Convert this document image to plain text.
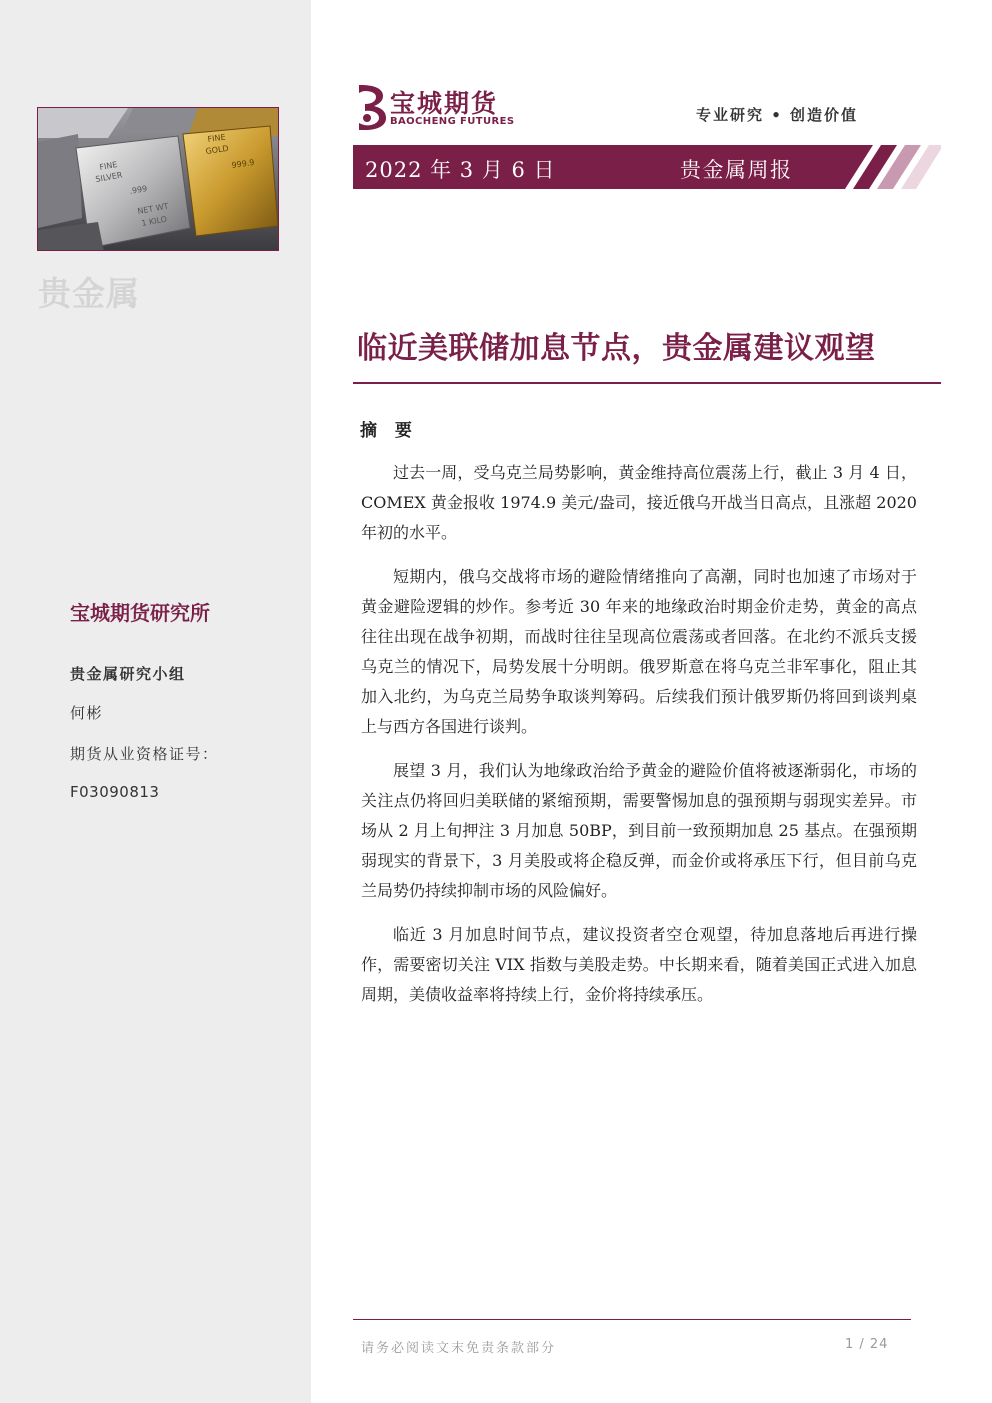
FINE
SILVER
.999
NET WT
1 KILO
FINE
GOLD
999.9
贵金属
宝城期货研究所
贵金属研究小组
何彬
期货从业资格证号：
F03090813
宝城期货
BAOCHENG FUTURES	专业研究 • 创造价值
2022 年 3 月 6 日	贵金属周报
临近美联储加息节点，贵金属建议观望
摘 要

过去一周，受乌克兰局势影响，黄金维持高位震荡上行，截止 3 月 4 日，COMEX 黄金报收 1974.9 美元/盎司，接近俄乌开战当日高点，且涨超 2020 年初的水平。

短期内，俄乌交战将市场的避险情绪推向了高潮，同时也加速了市场对于黄金避险逻辑的炒作。参考近 30 年来的地缘政治时期金价走势，黄金的高点往往出现在战争初期，而战时往往呈现高位震荡或者回落。在北约不派兵支援乌克兰的情况下，局势发展十分明朗。俄罗斯意在将乌克兰非军事化，阻止其加入北约，为乌克兰局势争取谈判筹码。后续我们预计俄罗斯仍将回到谈判桌上与西方各国进行谈判。

展望 3 月，我们认为地缘政治给予黄金的避险价值将被逐渐弱化，市场的关注点仍将回归美联储的紧缩预期，需要警惕加息的强预期与弱现实差异。市场从 2 月上旬押注 3 月加息 50BP，到目前一致预期加息 25 基点。在强预期弱现实的背景下，3 月美股或将企稳反弹，而金价或将承压下行，但目前乌克兰局势仍持续抑制市场的风险偏好。

临近 3 月加息时间节点，建议投资者空仓观望，待加息落地后再进行操作，需要密切关注 VIX 指数与美股走势。中长期来看，随着美国正式进入加息周期，美债收益率将持续上行，金价将持续承压。

请务必阅读文末免责条款部分	1 / 24
